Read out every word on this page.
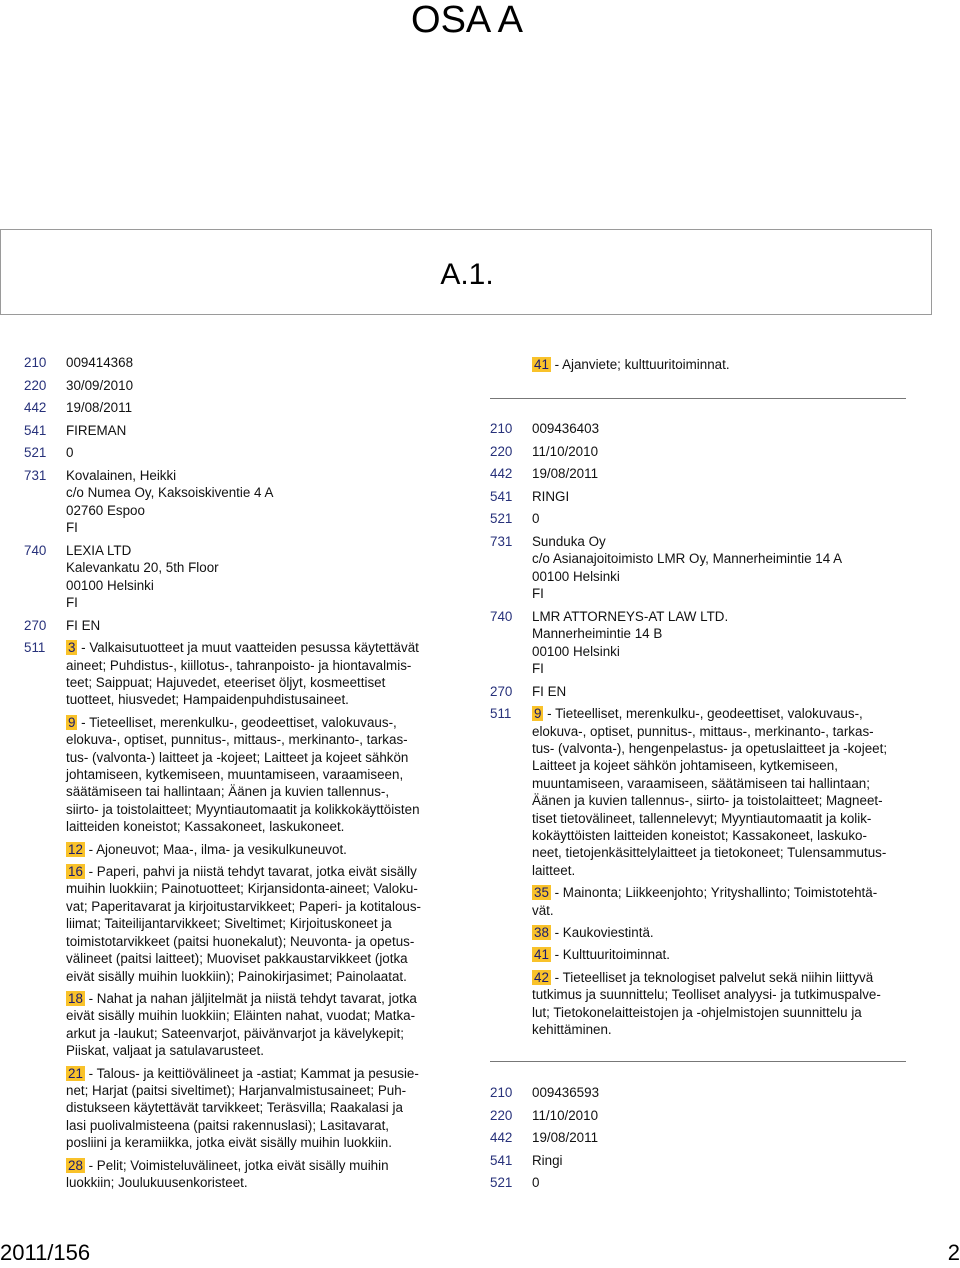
OSA A
A.1.
210	009414368
220	30/09/2010
442	19/08/2011
541	FIREMAN
521	0
731	Kovalainen, Heikki
c/o Numea Oy, Kaksoiskiventie 4 A
02760 Espoo
FI
740	LEXIA LTD
Kalevankatu 20, 5th Floor
00100 Helsinki
FI
270	FI EN
511	3 - Valkaisutuotteet ja muut vaatteiden pesussa käytettävät
aineet; Puhdistus-, kiillotus-, tahranpoisto- ja hiontavalmis-
teet; Saippuat; Hajuvedet, eteeriset öljyt, kosmeettiset
tuotteet, hiusvedet; Hampaidenpuhdistusaineet.
9 - Tieteelliset, merenkulku-, geodeettiset, valokuvaus-,
elokuva-, optiset, punnitus-, mittaus-, merkinanto-, tarkas-
tus- (valvonta-) laitteet ja -kojeet; Laitteet ja kojeet sähkön
johtamiseen, kytkemiseen, muuntamiseen, varaamiseen,
säätämiseen tai hallintaan; Äänen ja kuvien tallennus-,
siirto- ja toistolaitteet; Myyntiautomaatit ja kolikkokäyttöisten
laitteiden koneistot; Kassakoneet, laskukoneet.
12 - Ajoneuvot; Maa-, ilma- ja vesikulkuneuvot.
16 - Paperi, pahvi ja niistä tehdyt tavarat, jotka eivät sisälly
muihin luokkiin; Painotuotteet; Kirjansidonta-aineet; Valoku-
vat; Paperitavarat ja kirjoitustarvikkeet; Paperi- ja kotitalous-
liimat; Taiteilijantarvikkeet; Siveltimet; Kirjoituskoneet ja
toimistotarvikkeet (paitsi huonekalut); Neuvonta- ja opetus-
välineet (paitsi laitteet); Muoviset pakkaustarvikkeet (jotka
eivät sisälly muihin luokkiin); Painokirjasimet; Painolaatat.
18 - Nahat ja nahan jäljitelmät ja niistä tehdyt tavarat, jotka
eivät sisälly muihin luokkiin; Eläinten nahat, vuodat; Matka-
arkut ja -laukut; Sateenvarjot, päivänvarjot ja kävelykepit;
Piiskat, valjaat ja satulavarusteet.
21 - Talous- ja keittiövälineet ja -astiat; Kammat ja pesusie-
net; Harjat (paitsi siveltimet); Harjanvalmistusaineet; Puh-
distukseen käytettävät tarvikkeet; Teräsvilla; Raakalasi ja
lasi puolivalmisteena (paitsi rakennuslasi); Lasitavarat,
posliini ja keramiikka, jotka eivät sisälly muihin luokkiin.
28 - Pelit; Voimisteluvälineet, jotka eivät sisälly muihin
luokkiin; Joulukuusenkoristeet.
41 - Ajanviete; kulttuuritoiminnat.
210	009436403
220	11/10/2010
442	19/08/2011
541	RINGI
521	0
731	Sunduka Oy
c/o Asianajoitoimisto LMR Oy, Mannerheimintie 14 A
00100 Helsinki
FI
740	LMR ATTORNEYS-AT LAW LTD.
Mannerheimintie 14 B
00100 Helsinki
FI
270	FI EN
511	9 - Tieteelliset, merenkulku-, geodeettiset, valokuvaus-,
elokuva-, optiset, punnitus-, mittaus-, merkinanto-, tarkas-
tus- (valvonta-), hengenpelastus- ja opetuslaitteet ja -kojeet;
Laitteet ja kojeet sähkön johtamiseen, kytkemiseen,
muuntamiseen, varaamiseen, säätämiseen tai hallintaan;
Äänen ja kuvien tallennus-, siirto- ja toistolaitteet; Magneet-
tiset tietovälineet, tallennelevyt; Myyntiautomaatit ja kolik-
kokäyttöisten laitteiden koneistot; Kassakoneet, laskuko-
neet, tietojenkäsittelylaitteet ja tietokoneet; Tulensammutus-
laitteet.
35 - Mainonta; Liikkeenjohto; Yrityshallinto; Toimistotehtä-
vät.
38 - Kaukoviestintä.
41 - Kulttuuritoiminnat.
42 - Tieteelliset ja teknologiset palvelut sekä niihin liittyvä
tutkimus ja suunnittelu; Teolliset analyysi- ja tutkimuspalve-
lut; Tietokonelaitteistojen ja -ohjelmistojen suunnittelu ja
kehittäminen.
210	009436593
220	11/10/2010
442	19/08/2011
541	Ringi
521	0
2011/156	2
